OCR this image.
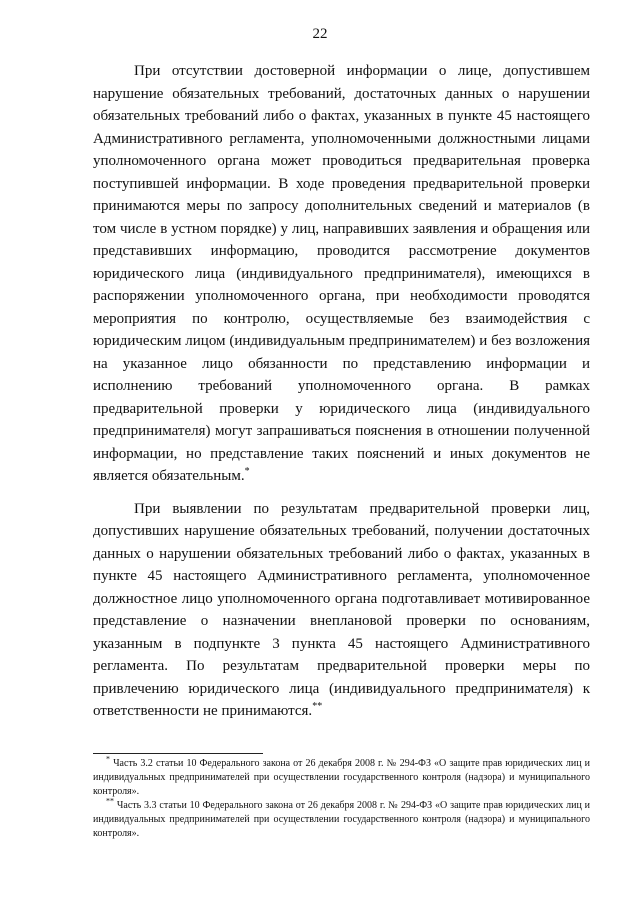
22

При отсутствии достоверной информации о лице, допустившем нарушение обязательных требований, достаточных данных о нарушении обязательных требований либо о фактах, указанных в пункте 45 настоящего Административного регламента, уполномоченными должностными лицами уполномоченного органа может проводиться предварительная проверка поступившей информации. В ходе проведения предварительной проверки принимаются меры по запросу дополнительных сведений и материалов (в том числе в устном порядке) у лиц, направивших заявления и обращения или представивших информацию, проводится рассмотрение документов юридического лица (индивидуального предпринимателя), имеющихся в распоряжении уполномоченного органа, при необходимости проводятся мероприятия по контролю, осуществляемые без взаимодействия с юридическим лицом (индивидуальным предпринимателем) и без возложения на указанное лицо обязанности по представлению информации и исполнению требований уполномоченного органа. В рамках предварительной проверки у юридического лица (индивидуального предпринимателя) могут запрашиваться пояснения в отношении полученной информации, но представление таких пояснений и иных документов не является обязательным.*

При выявлении по результатам предварительной проверки лиц, допустивших нарушение обязательных требований, получении достаточных данных о нарушении обязательных требований либо о фактах, указанных в пункте 45 настоящего Административного регламента, уполномоченное должностное лицо уполномоченного органа подготавливает мотивированное представление о назначении внеплановой проверки по основаниям, указанным в подпункте 3 пункта 45 настоящего Административного регламента. По результатам предварительной проверки меры по привлечению юридического лица (индивидуального предпринимателя) к ответственности не принимаются.**

* Часть 3.2 статьи 10 Федерального закона от 26 декабря 2008 г. № 294-ФЗ «О защите прав юридических лиц и индивидуальных предпринимателей при осуществлении государственного контроля (надзора) и муниципального контроля».

** Часть 3.3 статьи 10 Федерального закона от 26 декабря 2008 г. № 294-ФЗ «О защите прав юридических лиц и индивидуальных предпринимателей при осуществлении государственного контроля (надзора) и муниципального контроля».
